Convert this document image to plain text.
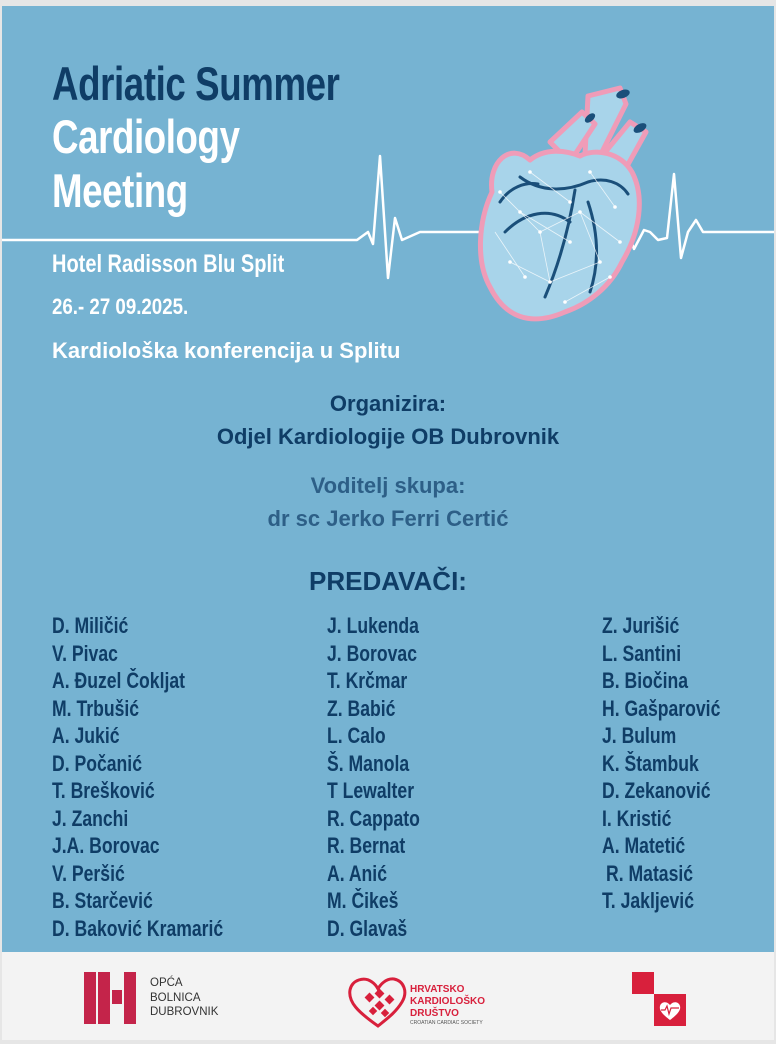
Adriatic Summer
Cardiology
Meeting
Hotel Radisson Blu Split
26.- 27 09.2025.
Kardiološka konferencija u Splitu
Organizira:
Odjel Kardiologije OB Dubrovnik
Voditelj skupa:
dr sc Jerko Ferri Certić
PREDAVAČI:
D. Miličić
V. Pivac
A. Đuzel Čokljat
M. Trbušić
A. Jukić
D. Počanić
T. Brešković
J. Zanchi
J.A. Borovac
V. Peršić
B. Starčević
D. Baković Kramarić
J. Lukenda
J. Borovac
T. Krčmar
Z. Babić
L. Calo
Š. Manola
T Lewalter
R. Cappato
R. Bernat
A. Anić
M. Čikeš
D. Glavaš
Z. Jurišić
L. Santini
B. Biočina
H. Gašparović
J. Bulum
K. Štambuk
D. Zekanović
I. Kristić
A. Matetić
R. Matasić
T. Jakljević
OPĆA
BOLNICA
DUBROVNIK
HRVATSKO
KARDIOLOŠKO
DRUŠTVO
CROATIAN CARDIAC SOCIETY
